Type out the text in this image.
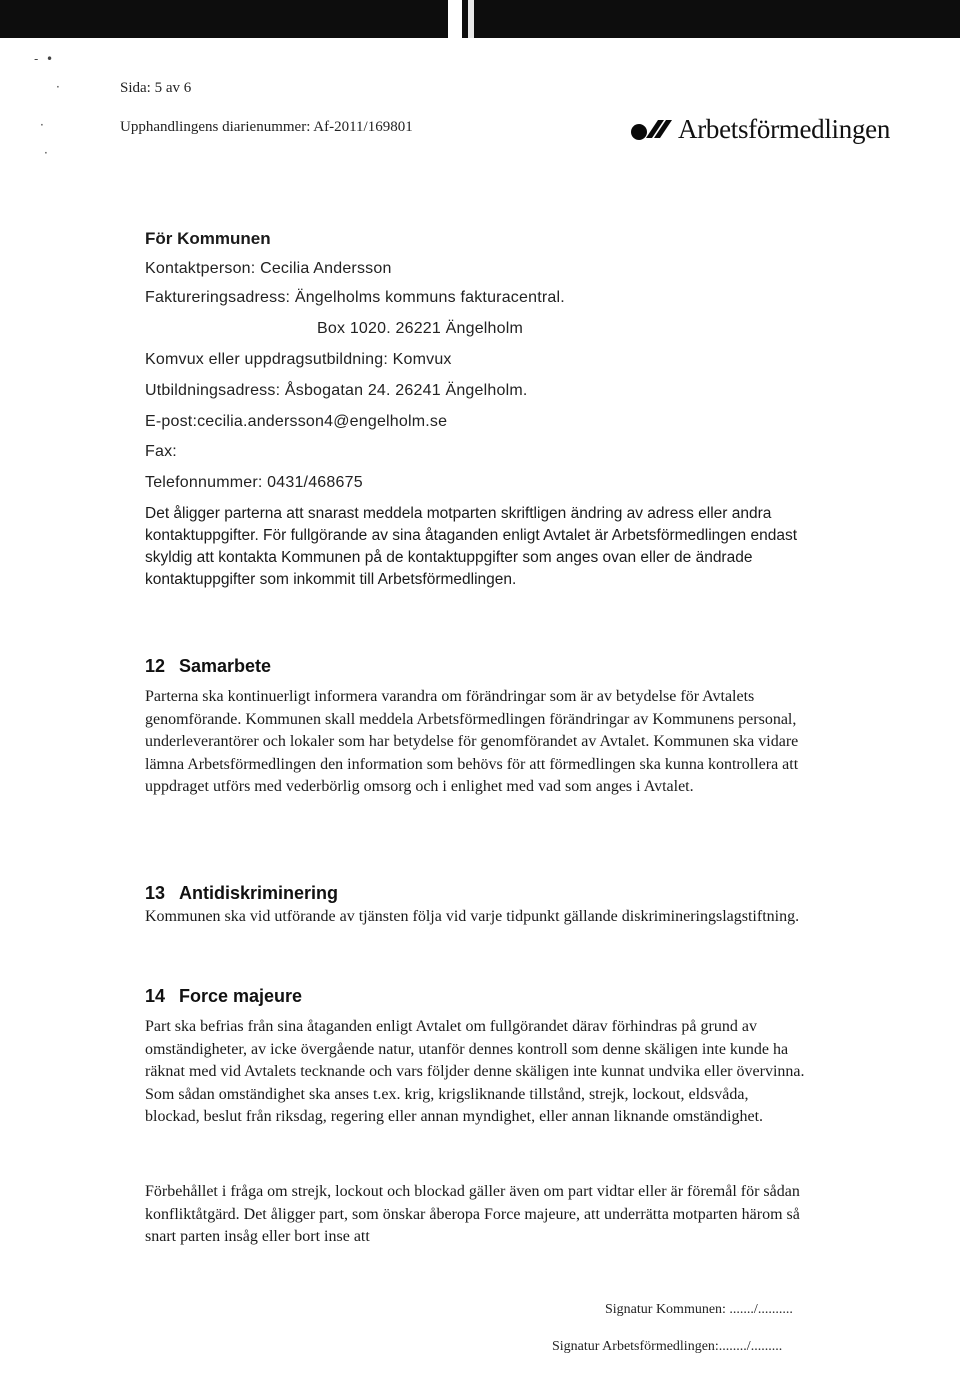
- •
·
·
·
Sida: 5 av 6
Upphandlingens diarienummer: Af-2011/169801	Arbetsförmedlingen
För Kommunen
Kontaktperson: Cecilia Andersson
Faktureringsadress: Ängelholms kommuns fakturacentral.
Box 1020. 26221 Ängelholm
Komvux eller uppdragsutbildning: Komvux
Utbildningsadress: Åsbogatan 24. 26241 Ängelholm.
E-post:cecilia.andersson4@engelholm.se
Fax:
Telefonnummer: 0431/468675
Det åligger parterna att snarast meddela motparten skriftligen ändring av adress eller andra kontaktuppgifter. För fullgörande av sina åtaganden enligt Avtalet är Arbetsförmedlingen endast skyldig att kontakta Kommunen på de kontaktuppgifter som anges ovan eller de ändrade kontaktuppgifter som inkommit till Arbetsförmedlingen.
12 Samarbete
Parterna ska kontinuerligt informera varandra om förändringar som är av betydelse för Avtalets genomförande. Kommunen skall meddela Arbetsförmedlingen förändringar av Kommunens personal, underleverantörer och lokaler som har betydelse för genomförandet av Avtalet. Kommunen ska vidare lämna Arbetsförmedlingen den information som behövs för att förmedlingen ska kunna kontrollera att uppdraget utförs med vederbörlig omsorg och i enlighet med vad som anges i Avtalet.
13 Antidiskriminering
Kommunen ska vid utförande av tjänsten följa vid varje tidpunkt gällande diskrimineringslagstiftning.
14 Force majeure
Part ska befrias från sina åtaganden enligt Avtalet om fullgörandet därav förhindras på grund av omständigheter, av icke övergående natur, utanför dennes kontroll som denne skäligen inte kunde ha räknat med vid Avtalets tecknande och vars följder denne skäligen inte kunnat undvika eller övervinna. Som sådan omständighet ska anses t.ex. krig, krigsliknande tillstånd, strejk, lockout, eldsvåda, blockad, beslut från riksdag, regering eller annan myndighet, eller annan liknande omständighet.
Förbehållet i fråga om strejk, lockout och blockad gäller även om part vidtar eller är föremål för sådan konfliktåtgärd. Det åligger part, som önskar åberopa Force majeure, att underrätta motparten härom så snart parten insåg eller bort inse att
Signatur Kommunen: ......./..........
Signatur Arbetsförmedlingen:......../.........
